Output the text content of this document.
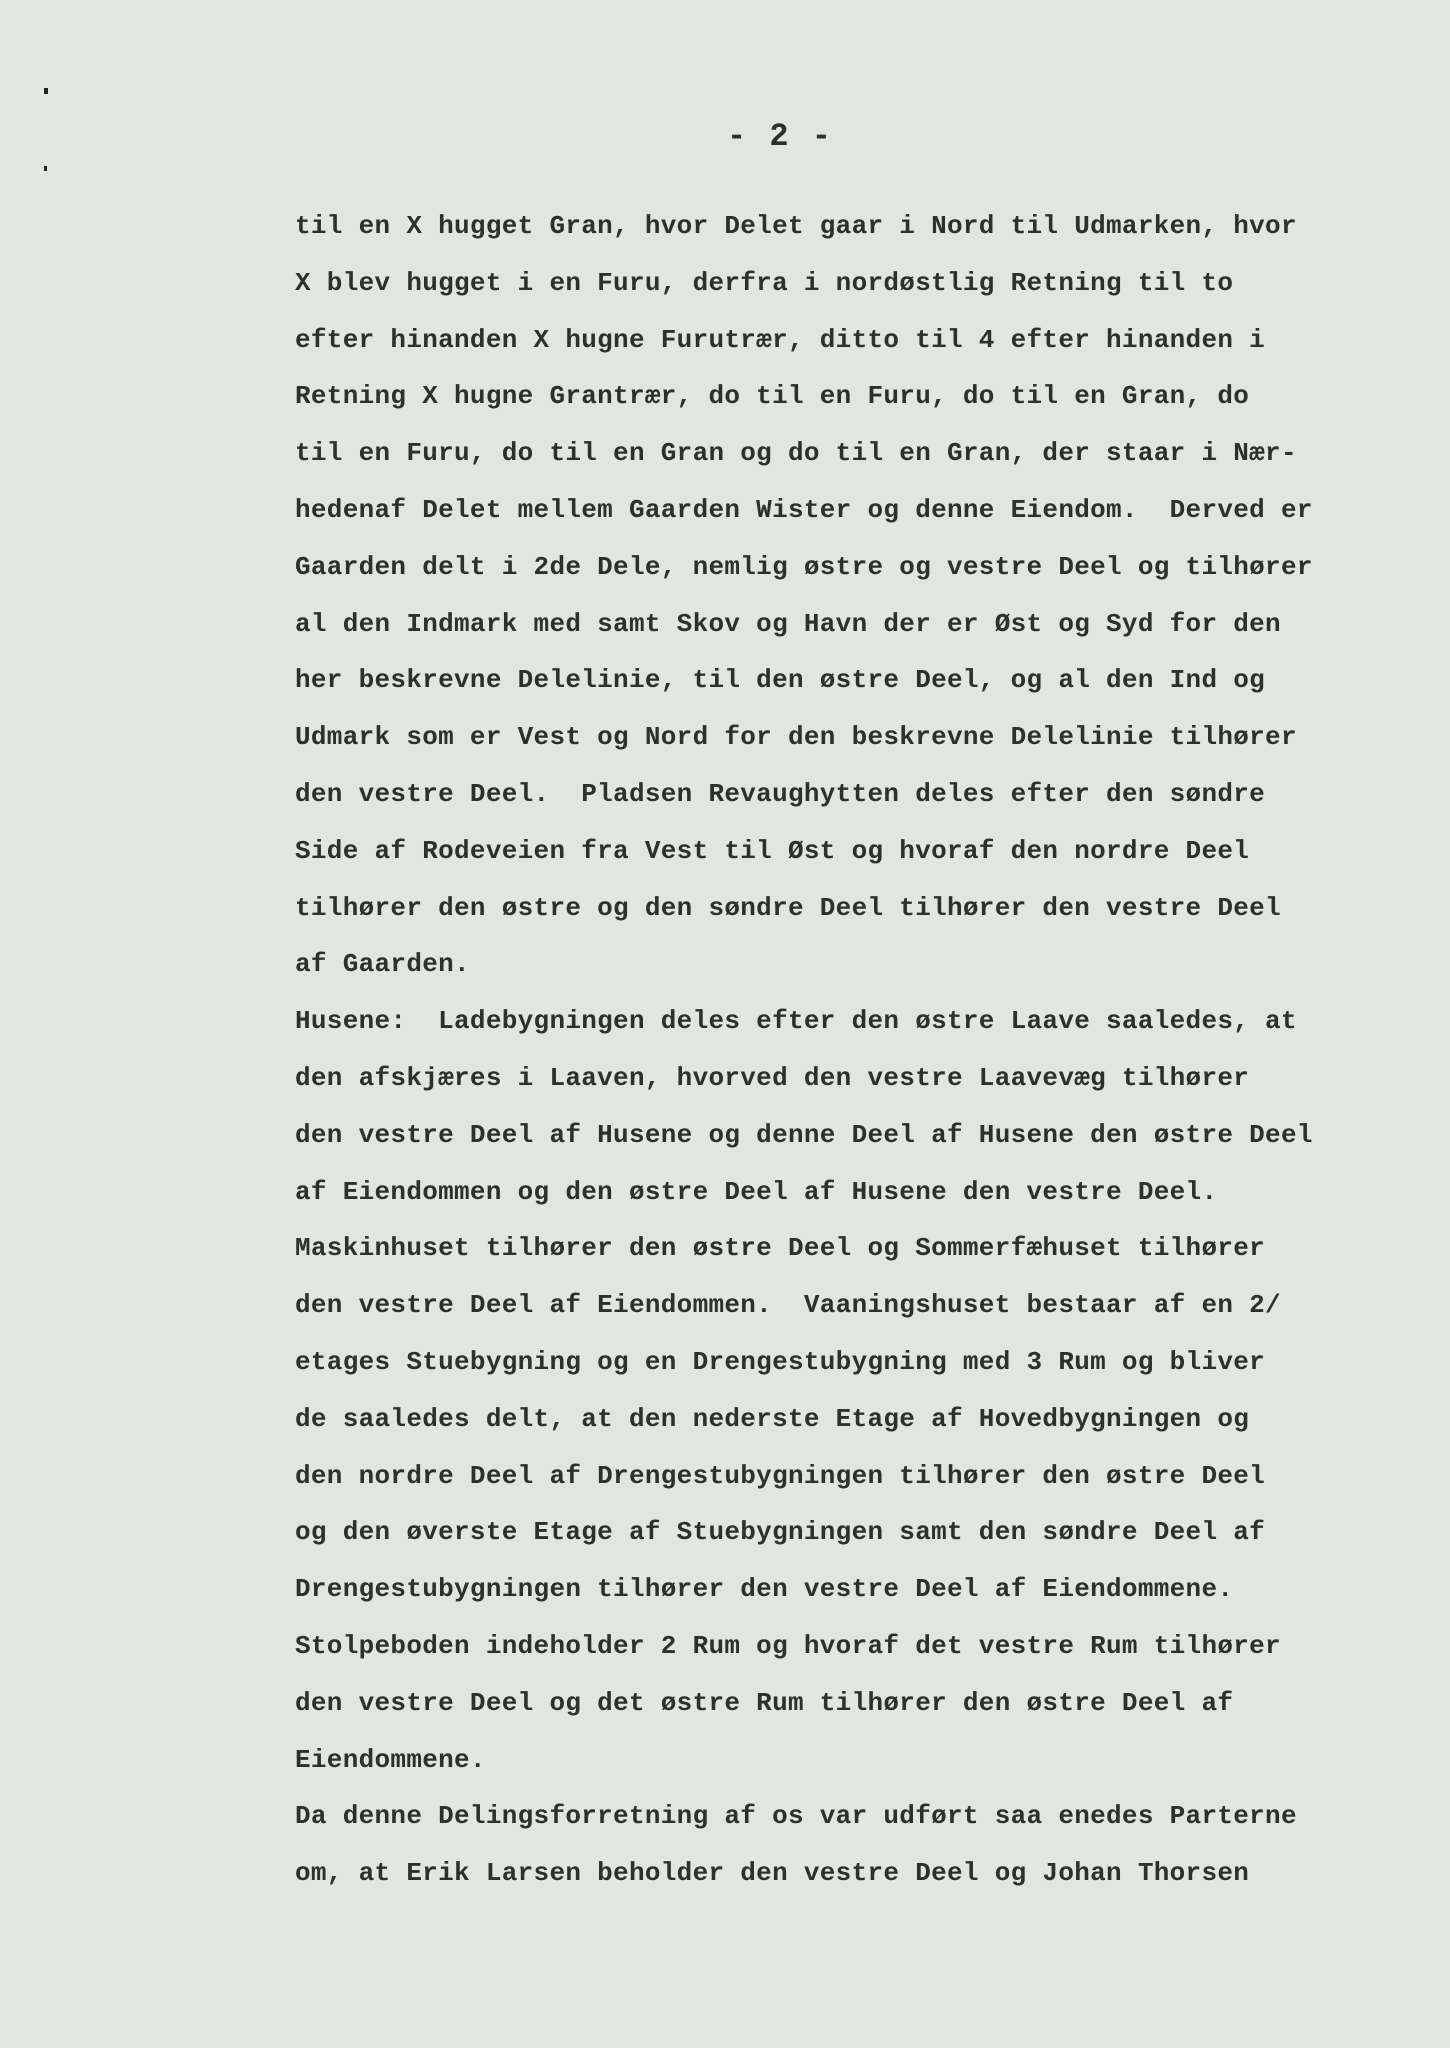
- 2 -
til en X hugget Gran, hvor Delet gaar i Nord til Udmarken, hvor
X blev hugget i en Furu, derfra i nordøstlig Retning til to
efter hinanden X hugne Furutrær, ditto til 4 efter hinanden i
Retning X hugne Grantrær, do til en Furu, do til en Gran, do
til en Furu, do til en Gran og do til en Gran, der staar i Nær-
hedenaf Delet mellem Gaarden Wister og denne Eiendom.  Derved er
Gaarden delt i 2de Dele, nemlig østre og vestre Deel og tilhører
al den Indmark med samt Skov og Havn der er Øst og Syd for den
her beskrevne Delelinie, til den østre Deel, og al den Ind og
Udmark som er Vest og Nord for den beskrevne Delelinie tilhører
den vestre Deel.  Pladsen Revaughytten deles efter den søndre
Side af Rodeveien fra Vest til Øst og hvoraf den nordre Deel
tilhører den østre og den søndre Deel tilhører den vestre Deel
af Gaarden.
Husene:  Ladebygningen deles efter den østre Laave saaledes, at
den afskjæres i Laaven, hvorved den vestre Laavevæg tilhører
den vestre Deel af Husene og denne Deel af Husene den østre Deel
af Eiendommen og den østre Deel af Husene den vestre Deel.
Maskinhuset tilhører den østre Deel og Sommerfæhuset tilhører
den vestre Deel af Eiendommen.  Vaaningshuset bestaar af en 2/
etages Stuebygning og en Drengestubygning med 3 Rum og bliver
de saaledes delt, at den nederste Etage af Hovedbygningen og
den nordre Deel af Drengestubygningen tilhører den østre Deel
og den øverste Etage af Stuebygningen samt den søndre Deel af
Drengestubygningen tilhører den vestre Deel af Eiendommene.
Stolpeboden indeholder 2 Rum og hvoraf det vestre Rum tilhører
den vestre Deel og det østre Rum tilhører den østre Deel af
Eiendommene.
Da denne Delingsforretning af os var udført saa enedes Parterne
om, at Erik Larsen beholder den vestre Deel og Johan Thorsen
